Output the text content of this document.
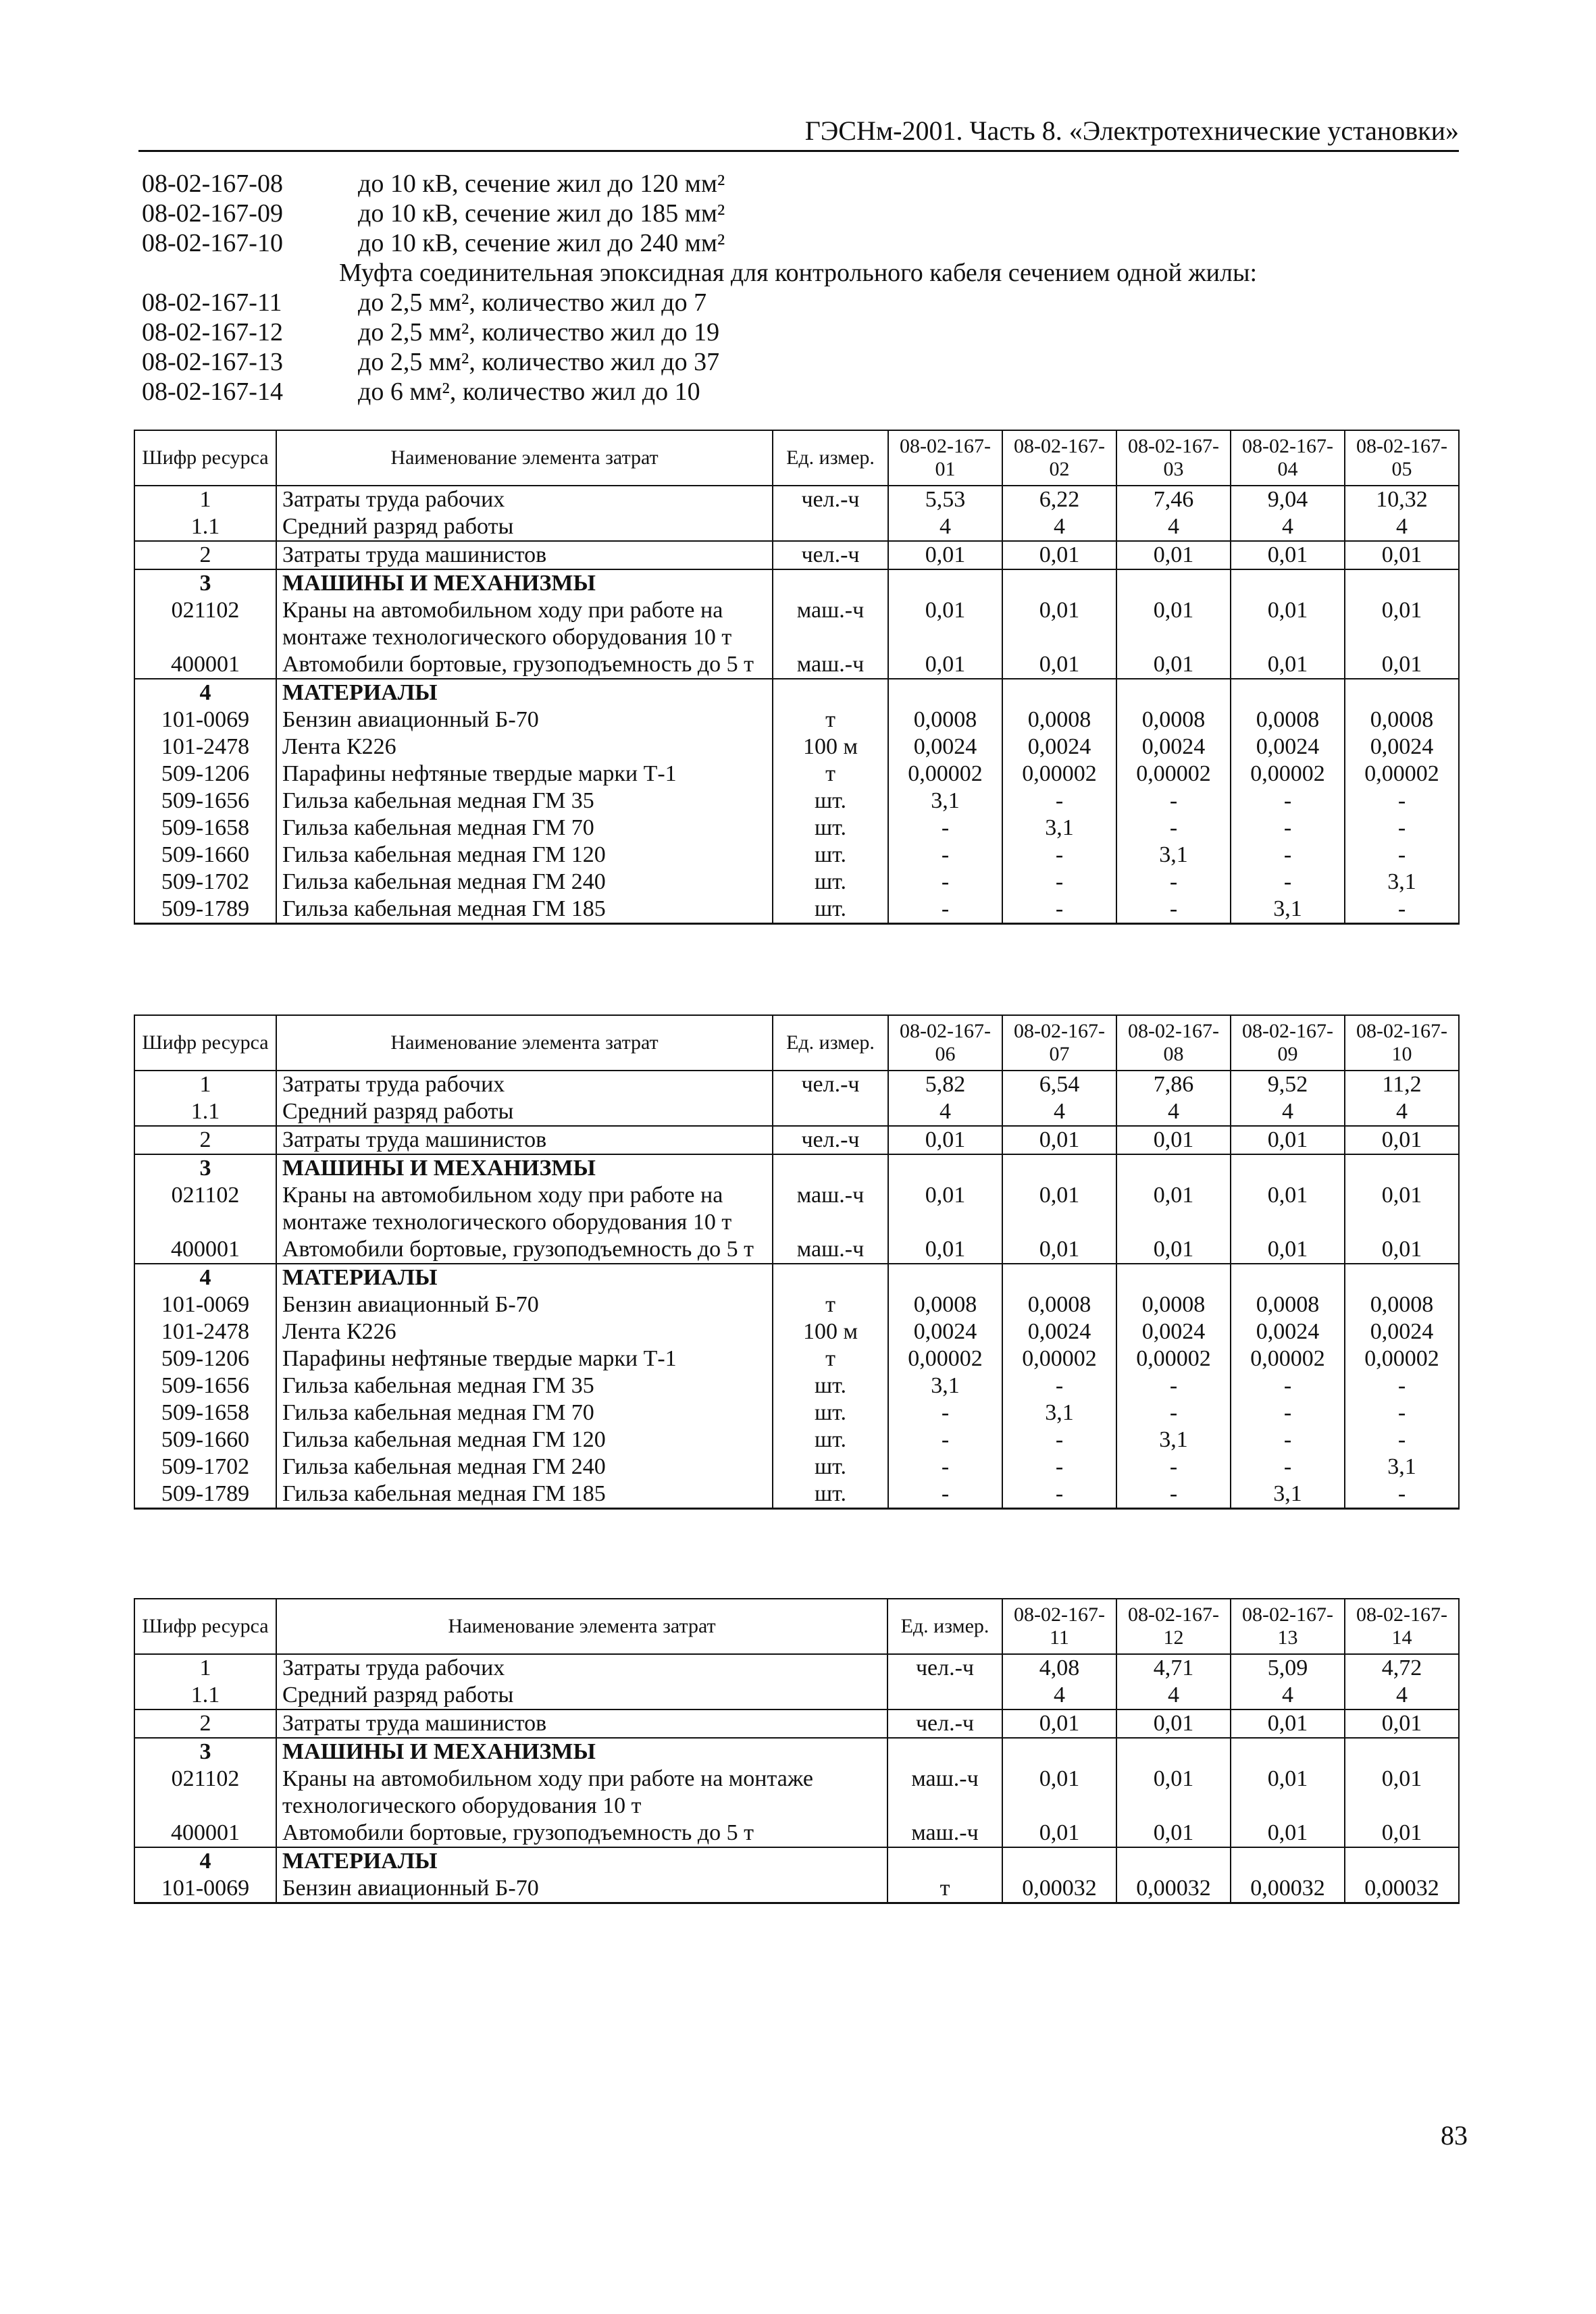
ГЭСНм-2001. Часть 8. «Электротехнические установки»
08-02-167-08	до 10 кВ, сечение жил до 120 мм²
08-02-167-09	до 10 кВ, сечение жил до 185 мм²
08-02-167-10	до 10 кВ, сечение жил до 240 мм²
Муфта соединительная эпоксидная для контрольного кабеля сечением одной жилы:
08-02-167-11	до 2,5 мм², количество жил до 7
08-02-167-12	до 2,5 мм², количество жил до 19
08-02-167-13	до 2,5 мм², количество жил до 37
08-02-167-14	до 6 мм², количество жил до 10
Шифр ресурса	Наименование элемента затрат	Ед. измер.	08-02-167-01	08-02-167-02	08-02-167-03	08-02-167-04	08-02-167-05
1	Затраты труда рабочих	чел.-ч	5,53	6,22	7,46	9,04	10,32
1.1	Средний разряд работы		4	4	4	4	4
2	Затраты труда машинистов	чел.-ч	0,01	0,01	0,01	0,01	0,01
3	МАШИНЫ И МЕХАНИЗМЫ						
021102	Краны на автомобильном ходу при работе на монтаже технологического оборудования 10 т	маш.-ч	0,01	0,01	0,01	0,01	0,01
400001	Автомобили бортовые, грузоподъемность до 5 т	маш.-ч	0,01	0,01	0,01	0,01	0,01
4	МАТЕРИАЛЫ						
101-0069	Бензин авиационный Б-70	т	0,0008	0,0008	0,0008	0,0008	0,0008
101-2478	Лента К226	100 м	0,0024	0,0024	0,0024	0,0024	0,0024
509-1206	Парафины нефтяные твердые марки Т-1	т	0,00002	0,00002	0,00002	0,00002	0,00002
509-1656	Гильза кабельная медная ГМ 35	шт.	3,1	-	-	-	-
509-1658	Гильза кабельная медная ГМ 70	шт.	-	3,1	-	-	-
509-1660	Гильза кабельная медная ГМ 120	шт.	-	-	3,1	-	-
509-1702	Гильза кабельная медная ГМ 240	шт.	-	-	-	-	3,1
509-1789	Гильза кабельная медная ГМ 185	шт.	-	-	-	3,1	-
Шифр ресурса	Наименование элемента затрат	Ед. измер.	08-02-167-06	08-02-167-07	08-02-167-08	08-02-167-09	08-02-167-10
1	Затраты труда рабочих	чел.-ч	5,82	6,54	7,86	9,52	11,2
1.1	Средний разряд работы		4	4	4	4	4
2	Затраты труда машинистов	чел.-ч	0,01	0,01	0,01	0,01	0,01
3	МАШИНЫ И МЕХАНИЗМЫ						
021102	Краны на автомобильном ходу при работе на монтаже технологического оборудования 10 т	маш.-ч	0,01	0,01	0,01	0,01	0,01
400001	Автомобили бортовые, грузоподъемность до 5 т	маш.-ч	0,01	0,01	0,01	0,01	0,01
4	МАТЕРИАЛЫ						
101-0069	Бензин авиационный Б-70	т	0,0008	0,0008	0,0008	0,0008	0,0008
101-2478	Лента К226	100 м	0,0024	0,0024	0,0024	0,0024	0,0024
509-1206	Парафины нефтяные твердые марки Т-1	т	0,00002	0,00002	0,00002	0,00002	0,00002
509-1656	Гильза кабельная медная ГМ 35	шт.	3,1	-	-	-	-
509-1658	Гильза кабельная медная ГМ 70	шт.	-	3,1	-	-	-
509-1660	Гильза кабельная медная ГМ 120	шт.	-	-	3,1	-	-
509-1702	Гильза кабельная медная ГМ 240	шт.	-	-	-	-	3,1
509-1789	Гильза кабельная медная ГМ 185	шт.	-	-	-	3,1	-
Шифр ресурса	Наименование элемента затрат	Ед. измер.	08-02-167-11	08-02-167-12	08-02-167-13	08-02-167-14
1	Затраты труда рабочих	чел.-ч	4,08	4,71	5,09	4,72
1.1	Средний разряд работы		4	4	4	4
2	Затраты труда машинистов	чел.-ч	0,01	0,01	0,01	0,01
3	МАШИНЫ И МЕХАНИЗМЫ					
021102	Краны на автомобильном ходу при работе на монтаже технологического оборудования 10 т	маш.-ч	0,01	0,01	0,01	0,01
400001	Автомобили бортовые, грузоподъемность до 5 т	маш.-ч	0,01	0,01	0,01	0,01
4	МАТЕРИАЛЫ					
101-0069	Бензин авиационный Б-70	т	0,00032	0,00032	0,00032	0,00032
83
